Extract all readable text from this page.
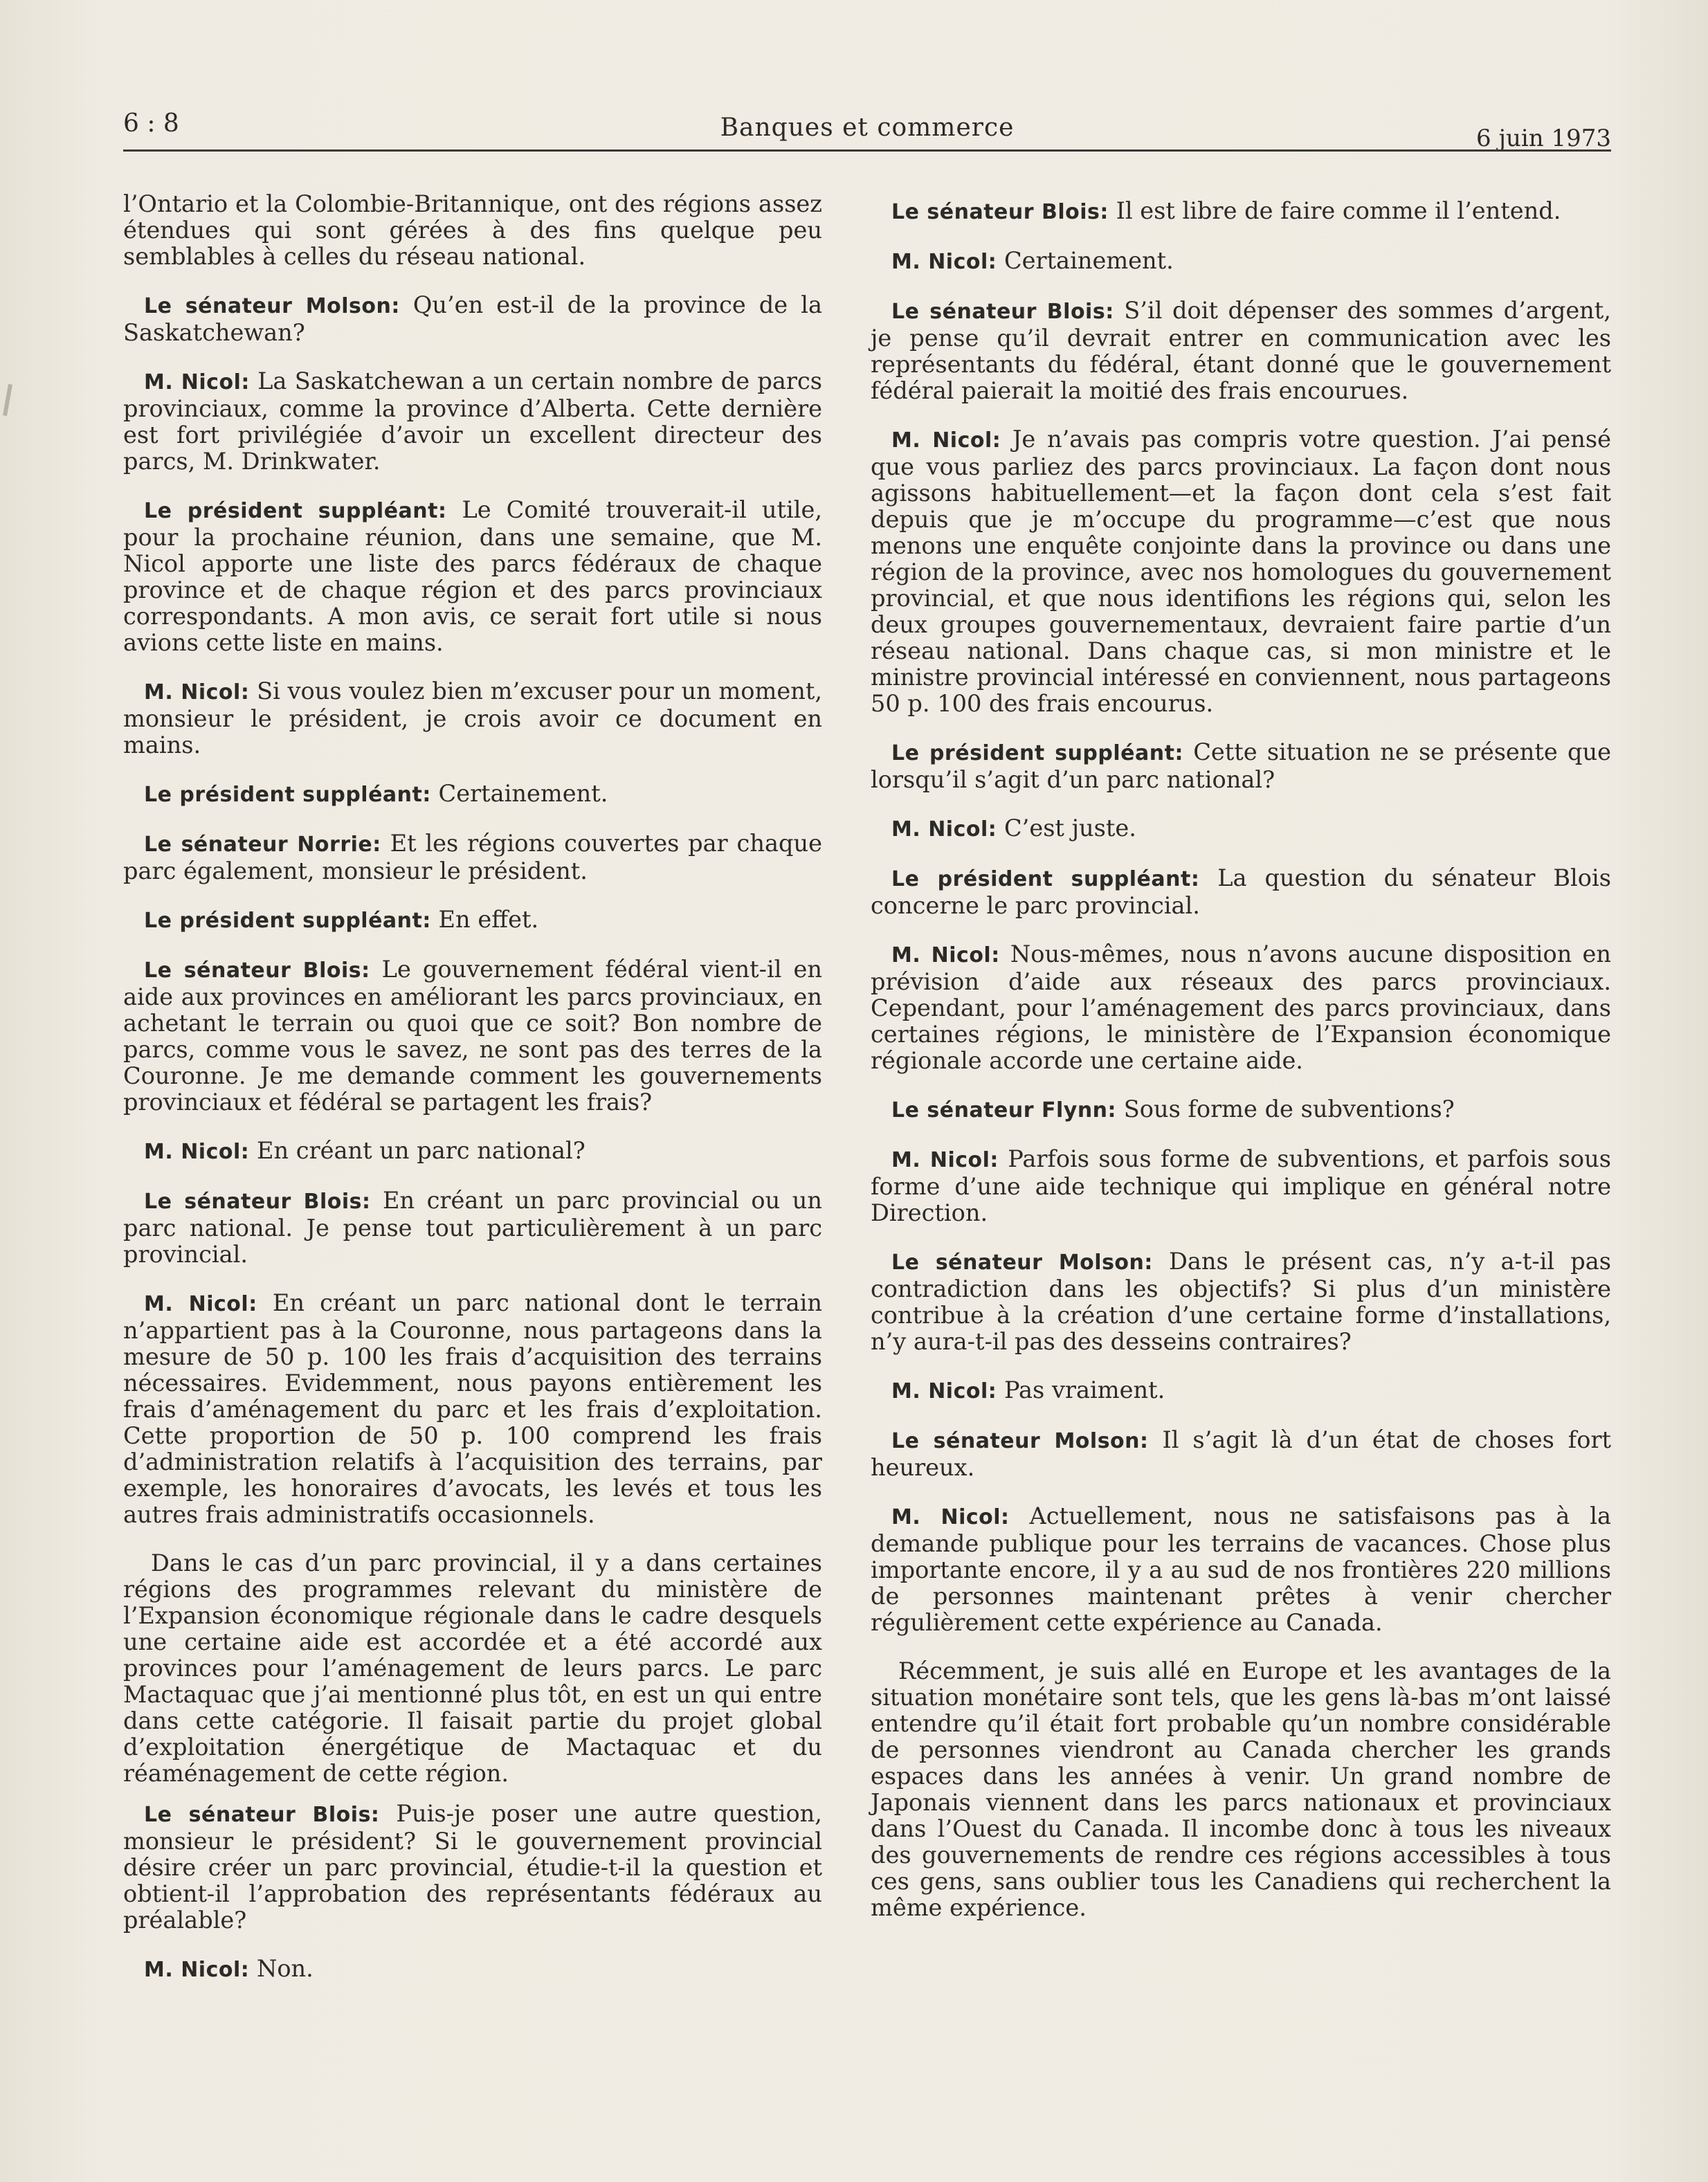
6 : 8	Banques et commerce	6 juin 1973

l’Ontario et la Colombie-Britannique, ont des régions assez étendues qui sont gérées à des fins quelque peu semblables à celles du réseau national.

Le sénateur Molson: Qu’en est-il de la province de la Saskatchewan?

M. Nicol: La Saskatchewan a un certain nombre de parcs provinciaux, comme la province d’Alberta. Cette dernière est fort privilégiée d’avoir un excellent directeur des parcs, M. Drinkwater.

Le président suppléant: Le Comité trouverait-il utile, pour la prochaine réunion, dans une semaine, que M. Nicol apporte une liste des parcs fédéraux de chaque province et de chaque région et des parcs provinciaux correspondants. A mon avis, ce serait fort utile si nous avions cette liste en mains.

M. Nicol: Si vous voulez bien m’excuser pour un moment, monsieur le président, je crois avoir ce document en mains.

Le président suppléant: Certainement.

Le sénateur Norrie: Et les régions couvertes par chaque parc également, monsieur le président.

Le président suppléant: En effet.

Le sénateur Blois: Le gouvernement fédéral vient-il en aide aux provinces en améliorant les parcs provinciaux, en achetant le terrain ou quoi que ce soit? Bon nombre de parcs, comme vous le savez, ne sont pas des terres de la Couronne. Je me demande comment les gouvernements provinciaux et fédéral se partagent les frais?

M. Nicol: En créant un parc national?

Le sénateur Blois: En créant un parc provincial ou un parc national. Je pense tout particulièrement à un parc provincial.

M. Nicol: En créant un parc national dont le terrain n’appartient pas à la Couronne, nous partageons dans la mesure de 50 p. 100 les frais d’acquisition des terrains nécessaires. Evidemment, nous payons entièrement les frais d’aménagement du parc et les frais d’exploitation. Cette proportion de 50 p. 100 comprend les frais d’administration relatifs à l’acquisition des terrains, par exemple, les honoraires d’avocats, les levés et tous les autres frais administratifs occasionnels.

Dans le cas d’un parc provincial, il y a dans certaines régions des programmes relevant du ministère de l’Expansion économique régionale dans le cadre desquels une certaine aide est accordée et a été accordé aux provinces pour l’aménagement de leurs parcs. Le parc Mactaquac que j’ai mentionné plus tôt, en est un qui entre dans cette catégorie. Il faisait partie du projet global d’exploitation énergétique de Mactaquac et du réaménagement de cette région.

Le sénateur Blois: Puis-je poser une autre question, monsieur le président? Si le gouvernement provincial désire créer un parc provincial, étudie-t-il la question et obtient-il l’approbation des représentants fédéraux au préalable?

M. Nicol: Non.

Le sénateur Blois: Il est libre de faire comme il l’entend.

M. Nicol: Certainement.

Le sénateur Blois: S’il doit dépenser des sommes d’argent, je pense qu’il devrait entrer en communication avec les représentants du fédéral, étant donné que le gouvernement fédéral paierait la moitié des frais encourues.

M. Nicol: Je n’avais pas compris votre question. J’ai pensé que vous parliez des parcs provinciaux. La façon dont nous agissons habituellement—et la façon dont cela s’est fait depuis que je m’occupe du programme—c’est que nous menons une enquête conjointe dans la province ou dans une région de la province, avec nos homologues du gouvernement provincial, et que nous identifions les régions qui, selon les deux groupes gouvernementaux, devraient faire partie d’un réseau national. Dans chaque cas, si mon ministre et le ministre provincial intéressé en conviennent, nous partageons 50 p. 100 des frais encourus.

Le président suppléant: Cette situation ne se présente que lorsqu’il s’agit d’un parc national?

M. Nicol: C’est juste.

Le président suppléant: La question du sénateur Blois concerne le parc provincial.

M. Nicol: Nous-mêmes, nous n’avons aucune disposition en prévision d’aide aux réseaux des parcs provinciaux. Cependant, pour l’aménagement des parcs provinciaux, dans certaines régions, le ministère de l’Expansion économique régionale accorde une certaine aide.

Le sénateur Flynn: Sous forme de subventions?

M. Nicol: Parfois sous forme de subventions, et parfois sous forme d’une aide technique qui implique en général notre Direction.

Le sénateur Molson: Dans le présent cas, n’y a-t-il pas contradiction dans les objectifs? Si plus d’un ministère contribue à la création d’une certaine forme d’installations, n’y aura-t-il pas des desseins contraires?

M. Nicol: Pas vraiment.

Le sénateur Molson: Il s’agit là d’un état de choses fort heureux.

M. Nicol: Actuellement, nous ne satisfaisons pas à la demande publique pour les terrains de vacances. Chose plus importante encore, il y a au sud de nos frontières 220 millions de personnes maintenant prêtes à venir chercher régulièrement cette expérience au Canada.

Récemment, je suis allé en Europe et les avantages de la situation monétaire sont tels, que les gens là-bas m’ont laissé entendre qu’il était fort probable qu’un nombre considérable de personnes viendront au Canada chercher les grands espaces dans les années à venir. Un grand nombre de Japonais viennent dans les parcs nationaux et provinciaux dans l’Ouest du Canada. Il incombe donc à tous les niveaux des gouvernements de rendre ces régions accessibles à tous ces gens, sans oublier tous les Canadiens qui recherchent la même expérience.
